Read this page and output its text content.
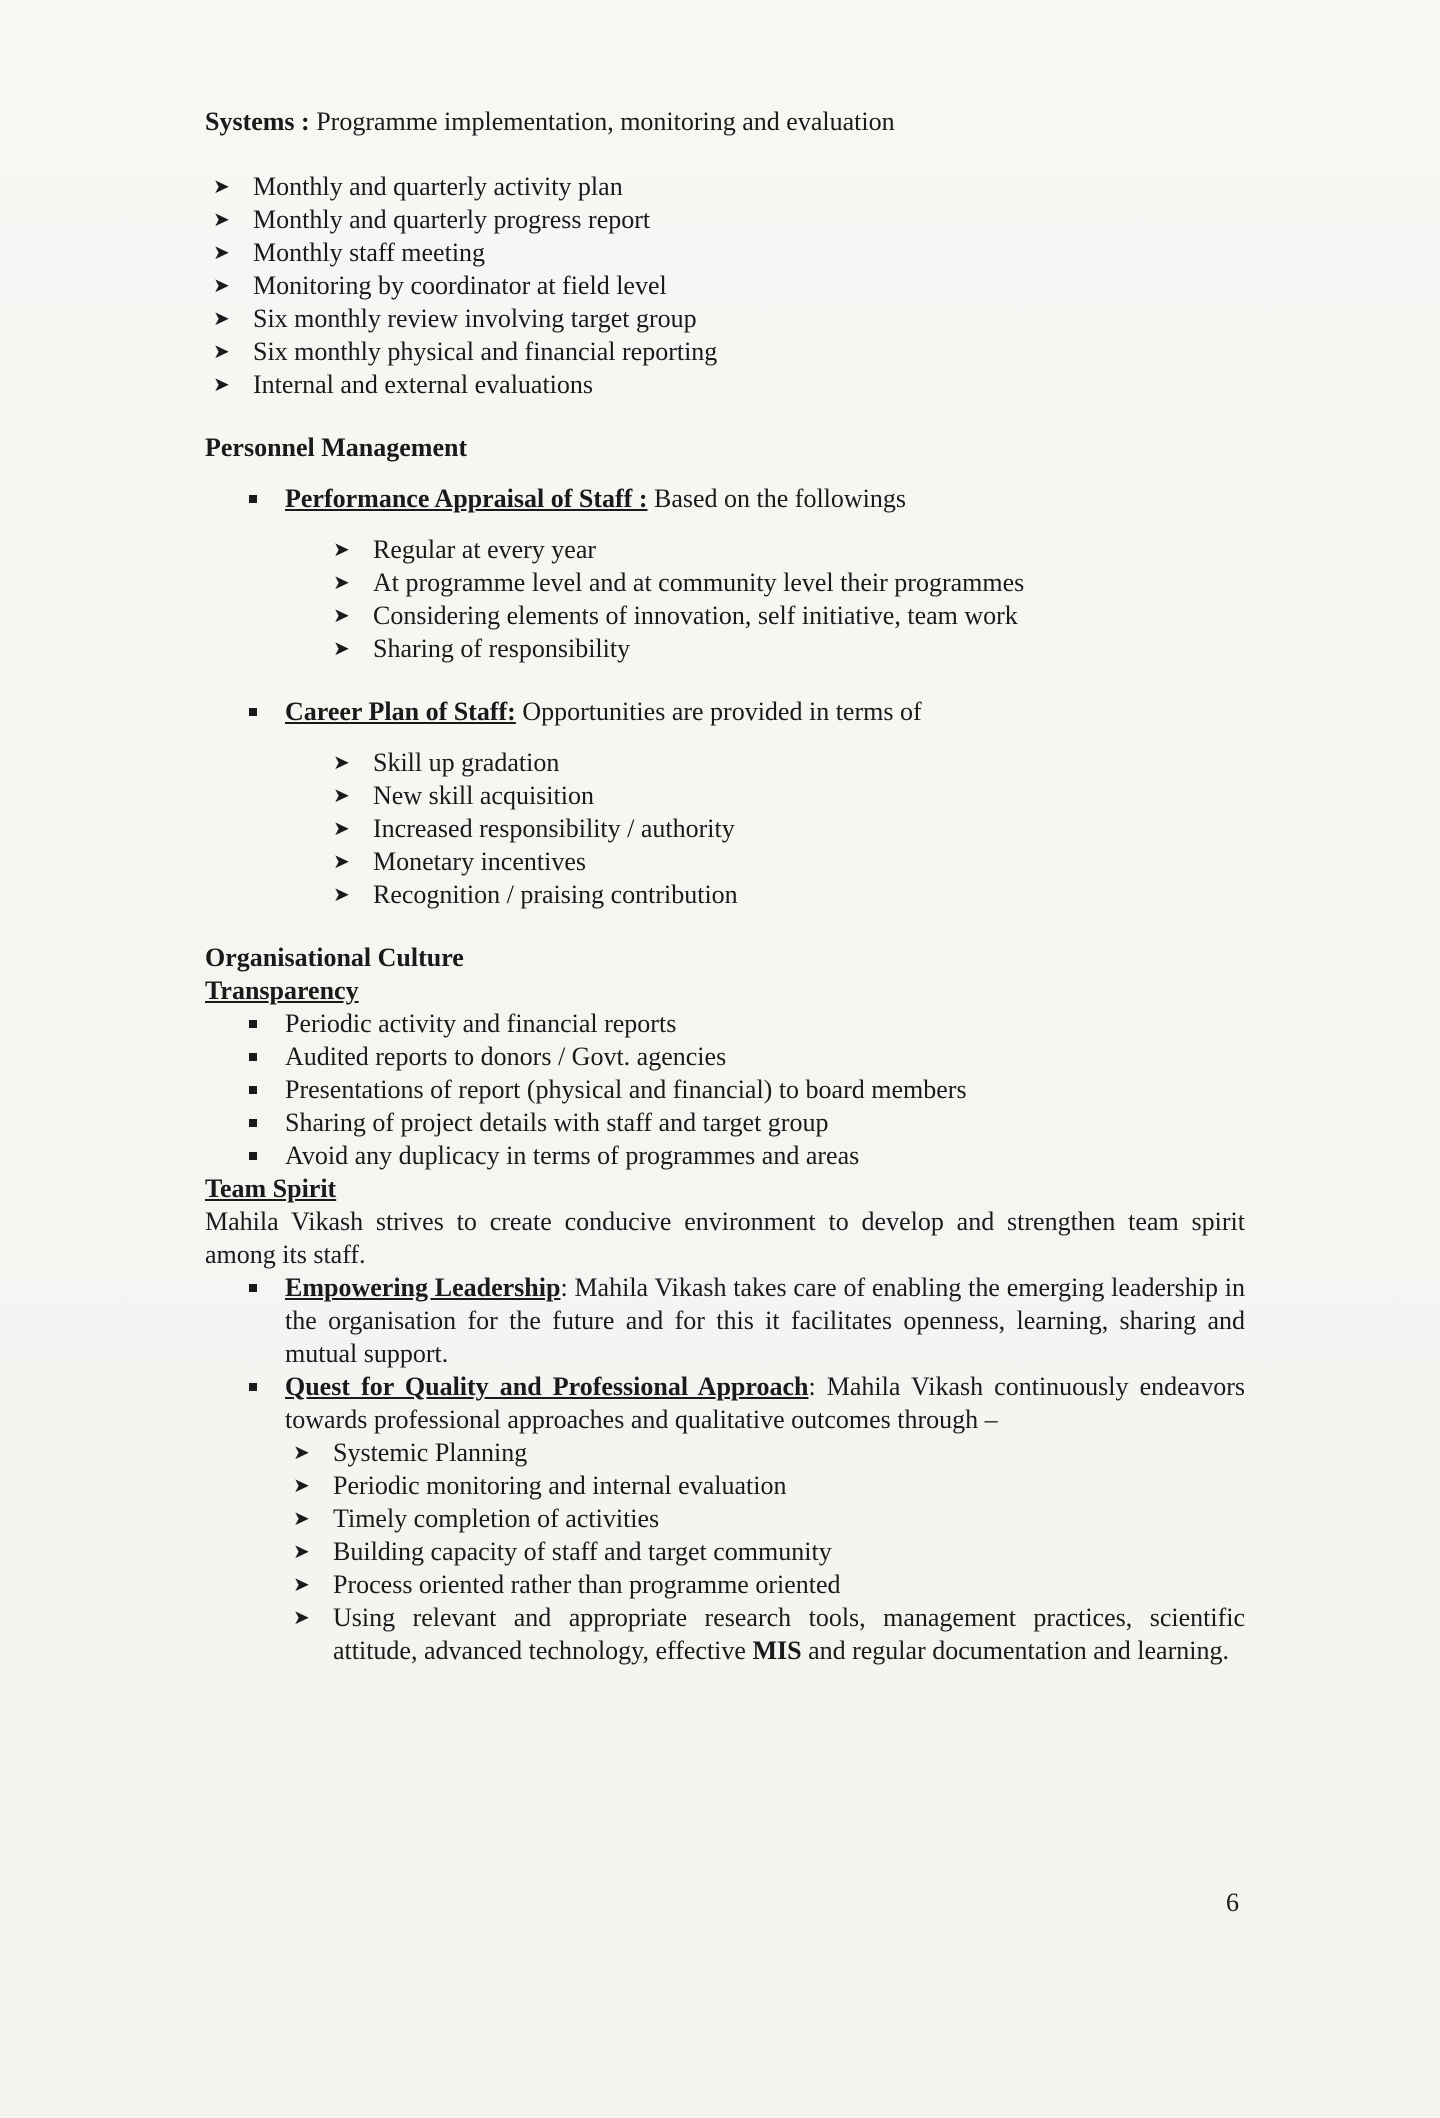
Systems : Programme implementation, monitoring and evaluation
➤ Monthly and quarterly activity plan
➤ Monthly and quarterly progress report
➤ Monthly staff meeting
➤ Monitoring by coordinator at field level
➤ Six monthly review involving target group
➤ Six monthly physical and financial reporting
➤ Internal and external evaluations
Personnel Management
Performance Appraisal of Staff : Based on the followings
➤ Regular at every year
➤ At programme level and at community level their programmes
➤ Considering elements of innovation, self initiative, team work
➤ Sharing of responsibility
Career Plan of Staff: Opportunities are provided in terms of
➤ Skill up gradation
➤ New skill acquisition
➤ Increased responsibility / authority
➤ Monetary incentives
➤ Recognition / praising contribution
Organisational Culture
Transparency
Periodic activity and financial reports
Audited reports to donors / Govt. agencies
Presentations of report (physical and financial) to board members
Sharing of project details with staff and target group
Avoid any duplicacy in terms of programmes and areas
Team Spirit
Mahila Vikash strives to create conducive environment to develop and strengthen team spirit among its staff.
Empowering Leadership: Mahila Vikash takes care of enabling the emerging leadership in the organisation for the future and for this it facilitates openness, learning, sharing and mutual support.
Quest for Quality and Professional Approach: Mahila Vikash continuously endeavors towards professional approaches and qualitative outcomes through –
➤ Systemic Planning
➤ Periodic monitoring and internal evaluation
➤ Timely completion of activities
➤ Building capacity of staff and target community
➤ Process oriented rather than programme oriented
➤ Using relevant and appropriate research tools, management practices, scientific attitude, advanced technology, effective MIS and regular documentation and learning.
6
